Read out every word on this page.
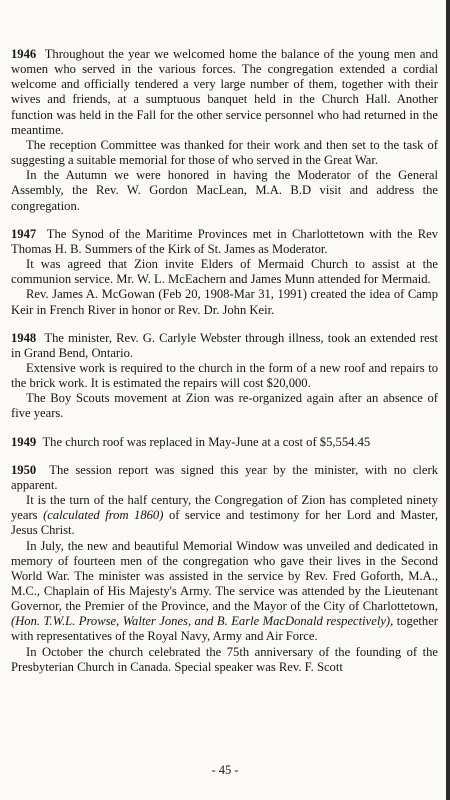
1946 Throughout the year we welcomed home the balance of the young men and women who served in the various forces. The congregation extended a cordial welcome and officially tendered a very large number of them, together with their wives and friends, at a sumptuous banquet held in the Church Hall. Another function was held in the Fall for the other service personnel who had returned in the meantime.

The reception Committee was thanked for their work and then set to the task of suggesting a suitable memorial for those of who served in the Great War.

In the Autumn we were honored in having the Moderator of the General Assembly, the Rev. W. Gordon MacLean, M.A. B.D visit and address the congregation.

1947 The Synod of the Maritime Provinces met in Charlottetown with the Rev Thomas H. B. Summers of the Kirk of St. James as Moderator.

It was agreed that Zion invite Elders of Mermaid Church to assist at the communion service. Mr. W. L. McEachern and James Munn attended for Mermaid.

Rev. James A. McGowan (Feb 20, 1908-Mar 31, 1991) created the idea of Camp Keir in French River in honor or Rev. Dr. John Keir.

1948 The minister, Rev. G. Carlyle Webster through illness, took an extended rest in Grand Bend, Ontario.

Extensive work is required to the church in the form of a new roof and repairs to the brick work. It is estimated the repairs will cost $20,000.

The Boy Scouts movement at Zion was re-organized again after an absence of five years.

1949 The church roof was replaced in May-June at a cost of $5,554.45

1950 The session report was signed this year by the minister, with no clerk apparent.

It is the turn of the half century, the Congregation of Zion has completed ninety years (calculated from 1860) of service and testimony for her Lord and Master, Jesus Christ.

In July, the new and beautiful Memorial Window was unveiled and dedicated in memory of fourteen men of the congregation who gave their lives in the Second World War. The minister was assisted in the service by Rev. Fred Goforth, M.A., M.C., Chaplain of His Majesty's Army. The service was attended by the Lieutenant Governor, the Premier of the Province, and the Mayor of the City of Charlottetown, (Hon. T.W.L. Prowse, Walter Jones, and B. Earle MacDonald respectively), together with representatives of the Royal Navy, Army and Air Force.

In October the church celebrated the 75th anniversary of the founding of the Presbyterian Church in Canada. Special speaker was Rev. F. Scott

- 45 -
